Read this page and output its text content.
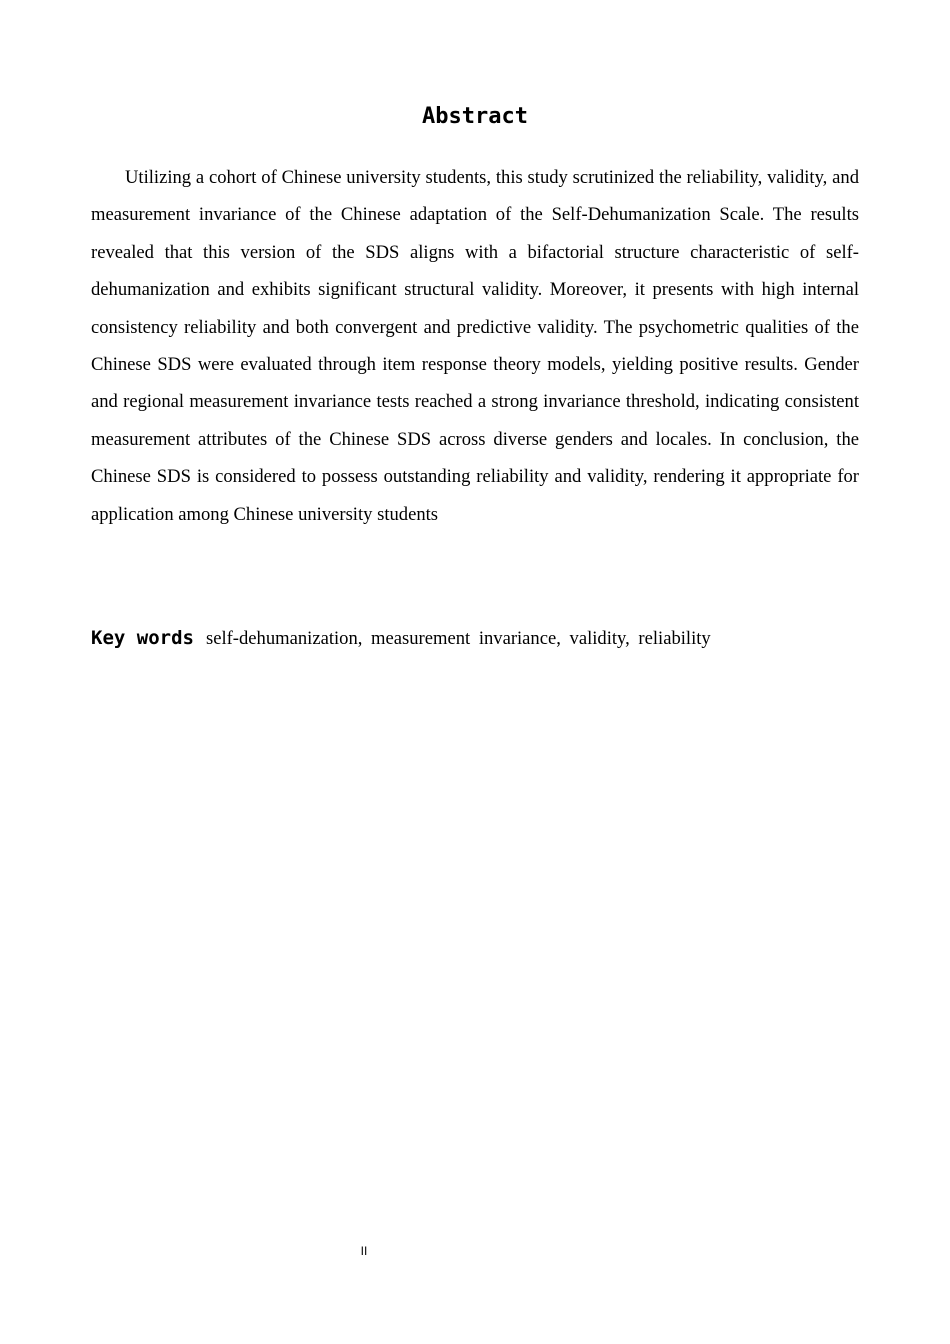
Abstract

Utilizing a cohort of Chinese university students, this study scrutinized the reliability, validity, and measurement invariance of the Chinese adaptation of the Self-Dehumanization Scale. The results revealed that this version of the SDS aligns with a bifactorial structure characteristic of self-dehumanization and exhibits significant structural validity. Moreover, it presents with high internal consistency reliability and both convergent and predictive validity. The psychometric qualities of the Chinese SDS were evaluated through item response theory models, yielding positive results. Gender and regional measurement invariance tests reached a strong invariance threshold, indicating consistent measurement attributes of the Chinese SDS across diverse genders and locales. In conclusion, the Chinese SDS is considered to possess outstanding reliability and validity, rendering it appropriate for application among Chinese university students

Key words self-dehumanization, measurement invariance, validity, reliability

II
